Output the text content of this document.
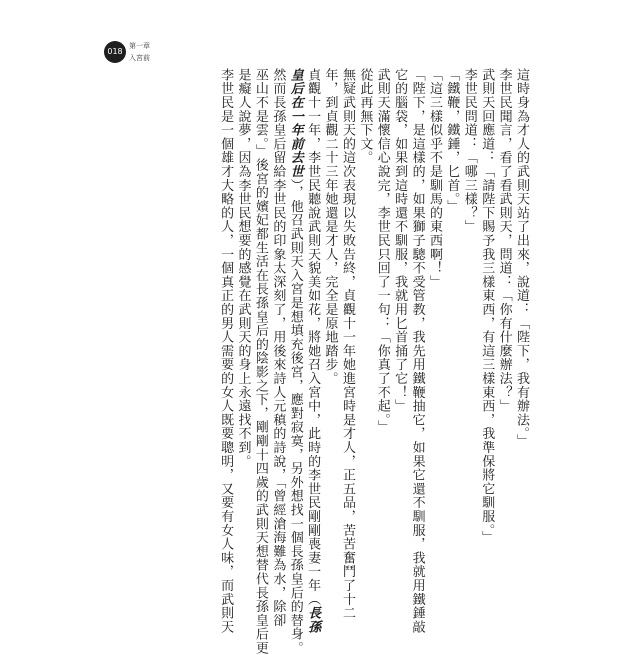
018
第一章
入宮前
這時身為才人的武則天站了出來，說道：「陛下，我有辦法。」
李世民聞言，看了看武則天，問道：「你有什麼辦法？」
武則天回應道：「請陛下賜予我三樣東西，有這三樣東西，我準保將它馴服。」
李世民問道：「哪三樣？」
「鐵鞭，鐵錘，匕首。」
「這三樣似乎不是馴馬的東西啊！」
「陛下，是這樣的，如果獅子驄不受管教，我先用鐵鞭抽它，如果它還不馴服，我就用鐵錘敲
它的腦袋，如果到這時還不馴服，我就用匕首捅了它！」
武則天滿懷信心說完，李世民只回了一句：「你真了不起。」
從此再無下文。
無疑武則天的這次表現以失敗告終，貞觀十一年她進宮時是才人，正五品，苦苦奮鬥了十二
年，到貞觀二十三年她還是才人，完全是原地踏步。
貞觀十一年，李世民聽說武則天貌美如花，將她召入宮中，此時的李世民剛剛喪妻一年（長孫
皇后在一年前去世），他召武則天入宮是想填充後宮，應對寂寞，另外想找一個長孫皇后的替身。
然而長孫皇后留給李世民的印象太深刻了，用後來詩人元稹的詩說，「曾經滄海難為水，除卻
巫山不是雲。」後宮的嬪妃都生活在長孫皇后的陰影之下，剛剛十四歲的武則天想替代長孫皇后更
是癡人說夢，因為李世民想要的感覺在武則天的身上永遠找不到。
李世民是一個雄才大略的人，一個真正的男人需要的女人既要聰明，又要有女人味，而武則天
